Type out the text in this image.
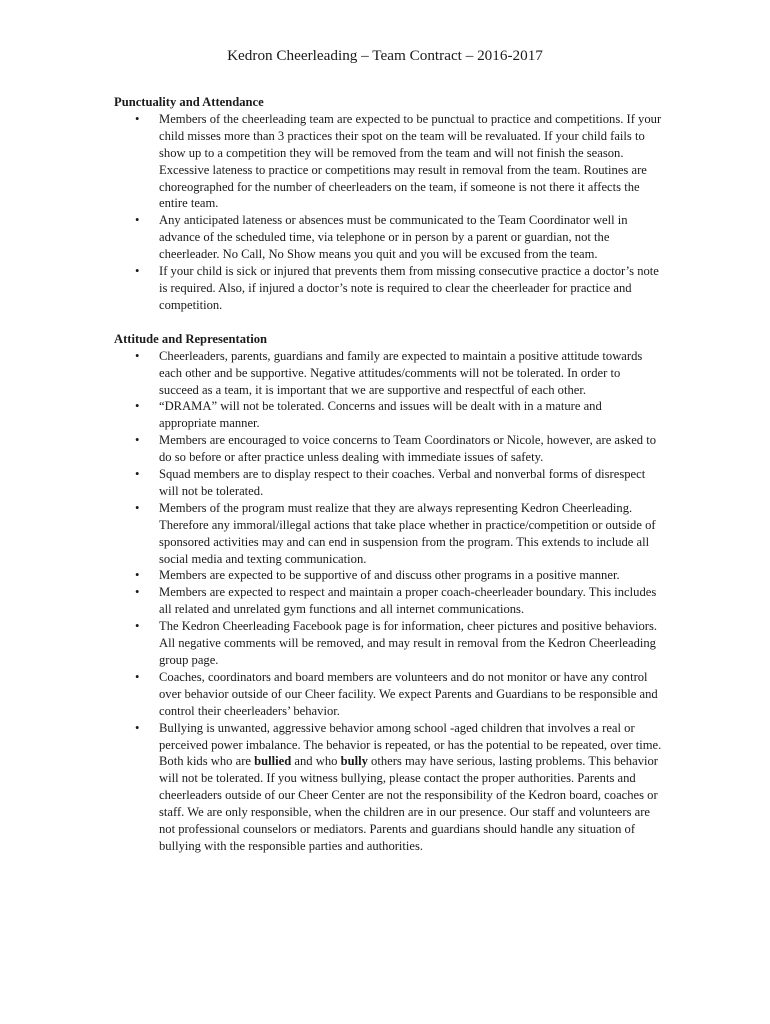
Kedron Cheerleading – Team Contract – 2016-2017
Punctuality and Attendance
• Members of the cheerleading team are expected to be punctual to practice and competitions. If your child misses more than 3 practices their spot on the team will be revaluated. If your child fails to show up to a competition they will be removed from the team and will not finish the season. Excessive lateness to practice or competitions may result in removal from the team. Routines are choreographed for the number of cheerleaders on the team, if someone is not there it affects the entire team.
• Any anticipated lateness or absences must be communicated to the Team Coordinator well in advance of the scheduled time, via telephone or in person by a parent or guardian, not the cheerleader. No Call, No Show means you quit and you will be excused from the team.
• If your child is sick or injured that prevents them from missing consecutive practice a doctor’s note is required. Also, if injured a doctor’s note is required to clear the cheerleader for practice and competition.
Attitude and Representation
• Cheerleaders, parents, guardians and family are expected to maintain a positive attitude towards each other and be supportive. Negative attitudes/comments will not be tolerated. In order to succeed as a team, it is important that we are supportive and respectful of each other.
• “DRAMA” will not be tolerated. Concerns and issues will be dealt with in a mature and appropriate manner.
• Members are encouraged to voice concerns to Team Coordinators or Nicole, however, are asked to do so before or after practice unless dealing with immediate issues of safety.
• Squad members are to display respect to their coaches. Verbal and nonverbal forms of disrespect will not be tolerated.
• Members of the program must realize that they are always representing Kedron Cheerleading. Therefore any immoral/illegal actions that take place whether in practice/competition or outside of sponsored activities may and can end in suspension from the program. This extends to include all social media and texting communication.
• Members are expected to be supportive of and discuss other programs in a positive manner.
• Members are expected to respect and maintain a proper coach-cheerleader boundary. This includes all related and unrelated gym functions and all internet communications.
• The Kedron Cheerleading Facebook page is for information, cheer pictures and positive behaviors. All negative comments will be removed, and may result in removal from the Kedron Cheerleading group page.
• Coaches, coordinators and board members are volunteers and do not monitor or have any control over behavior outside of our Cheer facility. We expect Parents and Guardians to be responsible and control their cheerleaders’ behavior.
• Bullying is unwanted, aggressive behavior among school -aged children that involves a real or perceived power imbalance. The behavior is repeated, or has the potential to be repeated, over time. Both kids who are bullied and who bully others may have serious, lasting problems. This behavior will not be tolerated. If you witness bullying, please contact the proper authorities. Parents and cheerleaders outside of our Cheer Center are not the responsibility of the Kedron board, coaches or staff. We are only responsible, when the children are in our presence. Our staff and volunteers are not professional counselors or mediators. Parents and guardians should handle any situation of bullying with the responsible parties and authorities.
